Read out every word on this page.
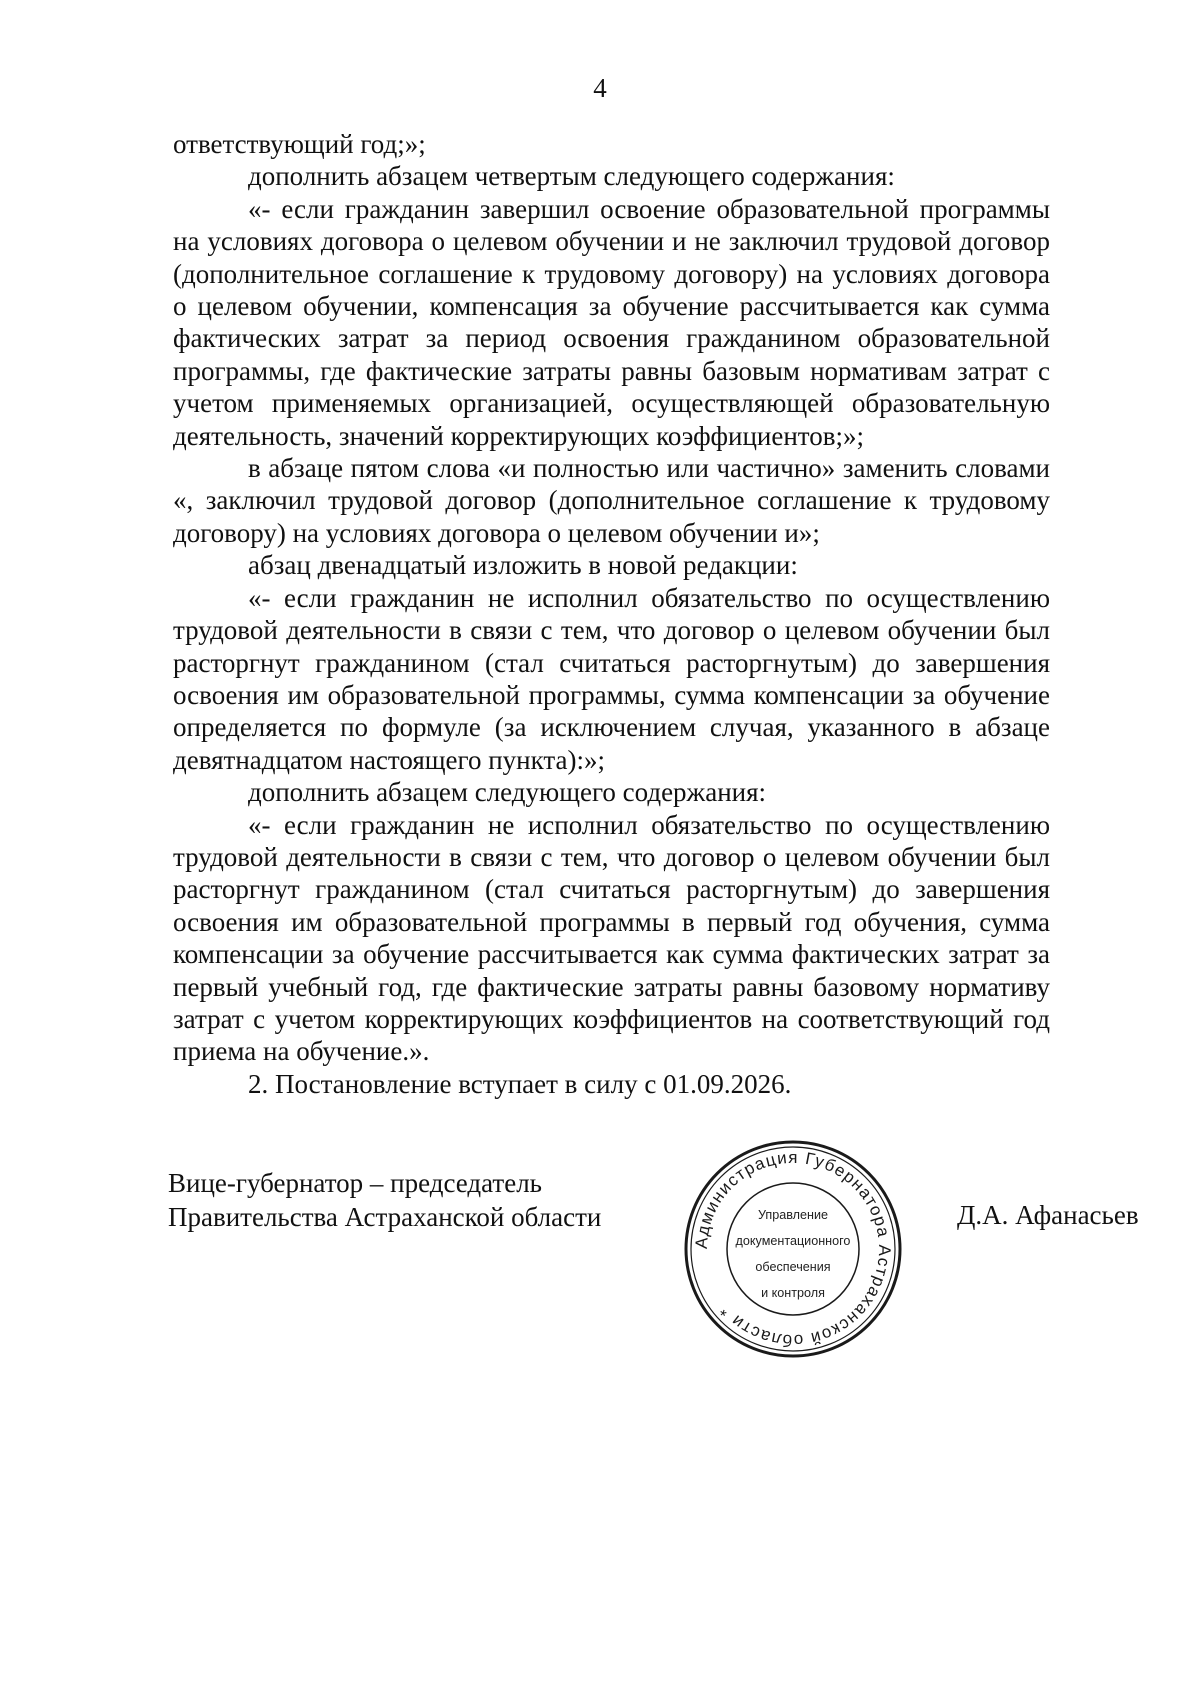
4

ответствующий год;»;

дополнить абзацем четвертым следующего содержания:

«- если гражданин завершил освоение образовательной программы на условиях договора о целевом обучении и не заключил трудовой договор (дополнительное соглашение к трудовому договору) на условиях договора о целевом обучении, компенсация за обучение рассчитывается как сумма фактических затрат за период освоения гражданином образовательной программы, где фактические затраты равны базовым нормативам затрат с учетом применяемых организацией, осуществляющей образовательную деятельность, значений корректирующих коэффициентов;»;

в абзаце пятом слова «и полностью или частично» заменить словами «, заключил трудовой договор (дополнительное соглашение к трудовому договору) на условиях договора о целевом обучении и»;

абзац двенадцатый изложить в новой редакции:

«- если гражданин не исполнил обязательство по осуществлению трудовой деятельности в связи с тем, что договор о целевом обучении был расторгнут гражданином (стал считаться расторгнутым) до завершения освоения им образовательной программы, сумма компенсации за обучение определяется по формуле (за исключением случая, указанного в абзаце девятнадцатом настоящего пункта):»;

дополнить абзацем следующего содержания:

«- если гражданин не исполнил обязательство по осуществлению трудовой деятельности в связи с тем, что договор о целевом обучении был расторгнут гражданином (стал считаться расторгнутым) до завершения освоения им образовательной программы в первый год обучения, сумма компенсации за обучение рассчитывается как сумма фактических затрат за первый учебный год, где фактические затраты равны базовому нормативу затрат с учетом корректирующих коэффициентов на соответствующий год приема на обучение.».

2. Постановление вступает в силу с 01.09.2026.

Вице-губернатор – председатель
Правительства Астраханской области
Администрация Губернатора Астраханской области *
Управление
документационного
обеспечения
и контроля
Д.А. Афанасьев
